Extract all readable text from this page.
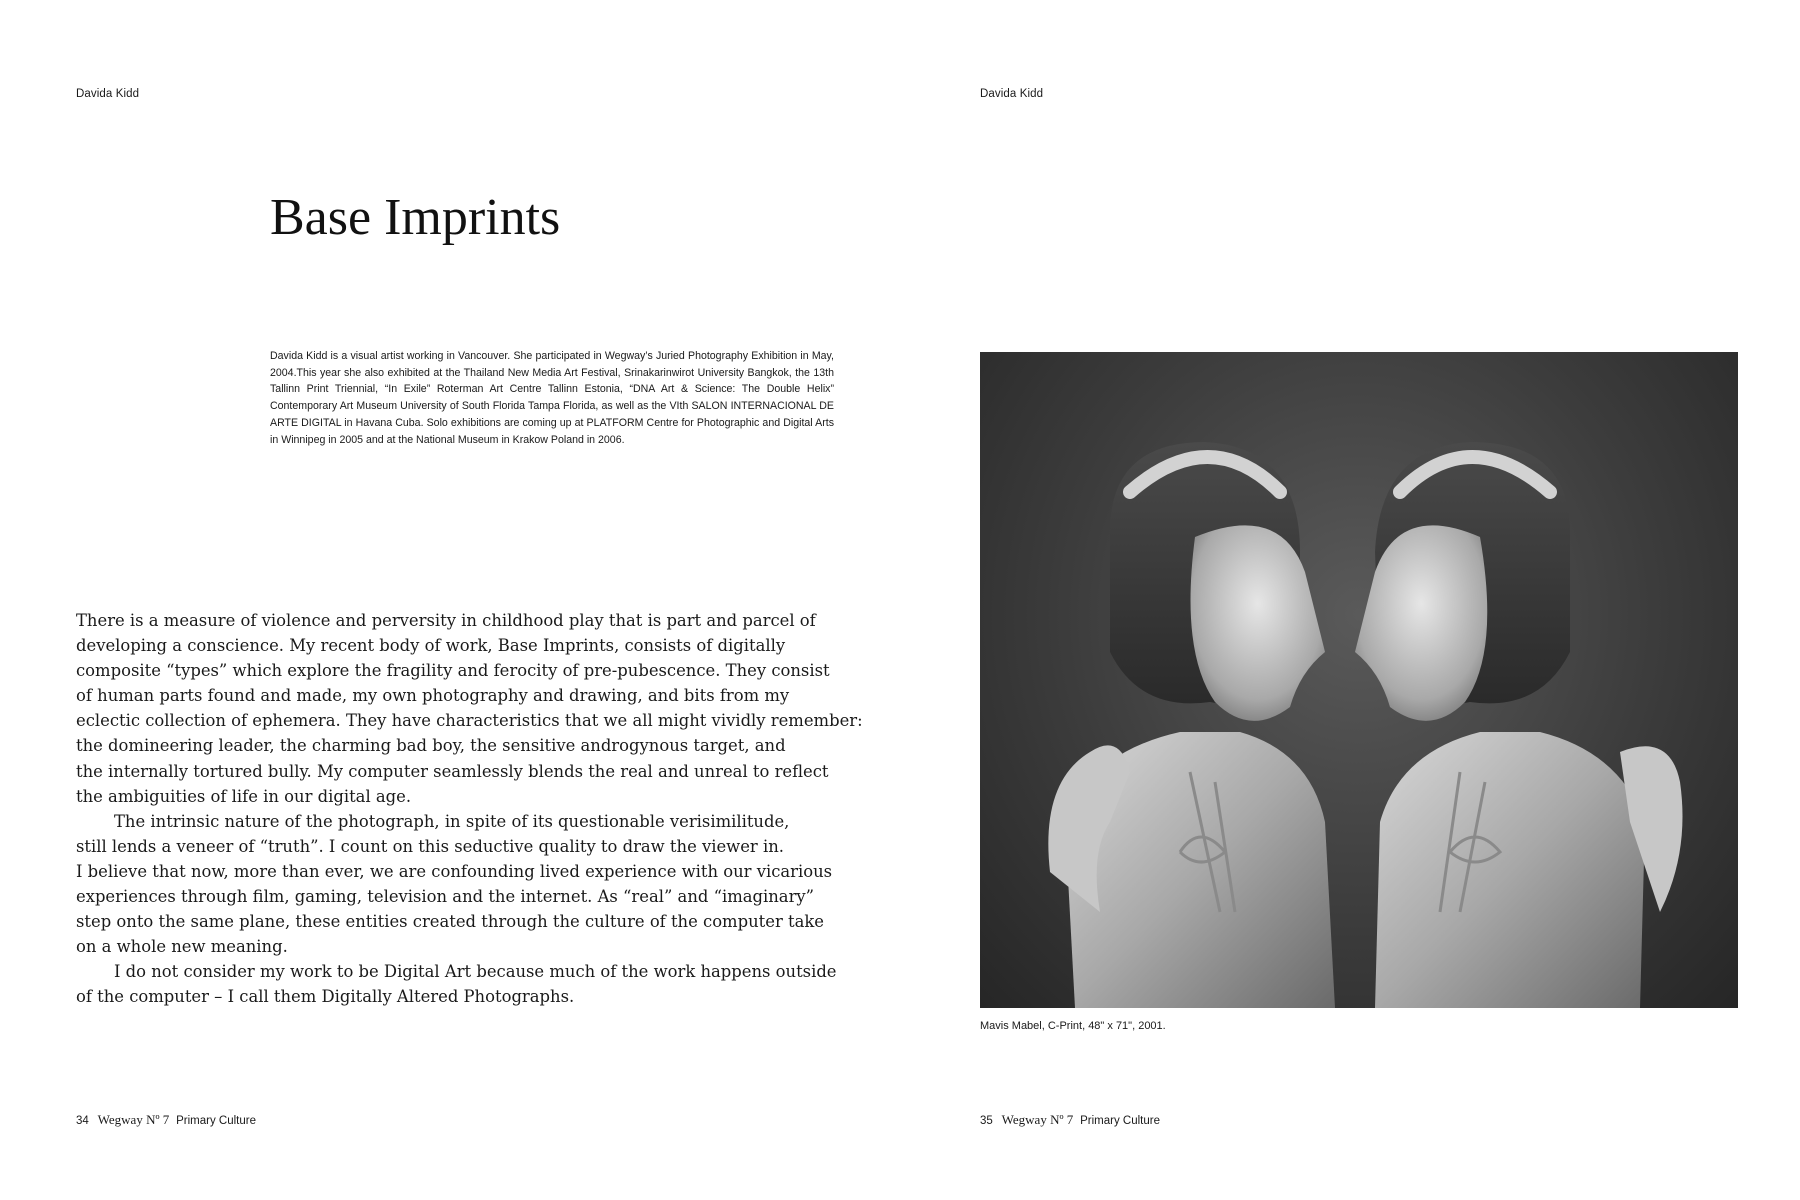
Davida Kidd
Base Imprints

Davida Kidd is a visual artist working in Vancouver. She participated in Wegway’s Juried Photography Exhibition in May, 2004.This year she also exhibited at the Thailand New Media Art Festival, Srinakarinwirot University Bangkok, the 13th Tallinn Print Triennial, “In Exile” Roterman Art Centre Tallinn Estonia, “DNA Art & Science: The Double Helix” Contemporary Art Museum University of South Florida Tampa Florida, as well as the VIth SALON INTERNACIONAL DE ARTE DIGITAL in Havana Cuba. Solo exhibitions are coming up at PLATFORM Centre for Photographic and Digital Arts in Winnipeg in 2005 and at the National Museum in Krakow Poland in 2006.

There is a measure of violence and perversity in childhood play that is part and parcel of
developing a conscience. My recent body of work, Base Imprints, consists of digitally
composite “types” which explore the fragility and ferocity of pre-pubescence. They consist
of human parts found and made, my own photography and drawing, and bits from my
eclectic collection of ephemera. They have characteristics that we all might vividly remember:
the domineering leader, the charming bad boy, the sensitive androgynous target, and
the internally tortured bully. My computer seamlessly blends the real and unreal to reflect
the ambiguities of life in our digital age.
The intrinsic nature of the photograph, in spite of its questionable verisimilitude,
still lends a veneer of “truth”. I count on this seductive quality to draw the viewer in.
I believe that now, more than ever, we are confounding lived experience with our vicarious
experiences through film, gaming, television and the internet. As “real” and “imaginary”
step onto the same plane, these entities created through the culture of the computer take
on a whole new meaning.
I do not consider my work to be Digital Art because much of the work happens outside
of the computer – I call them Digitally Altered Photographs.
34 Wegway Nº 7 Primary Culture
Davida Kidd
Mavis Mabel, C-Print, 48" x 71", 2001.
35 Wegway Nº 7 Primary Culture
